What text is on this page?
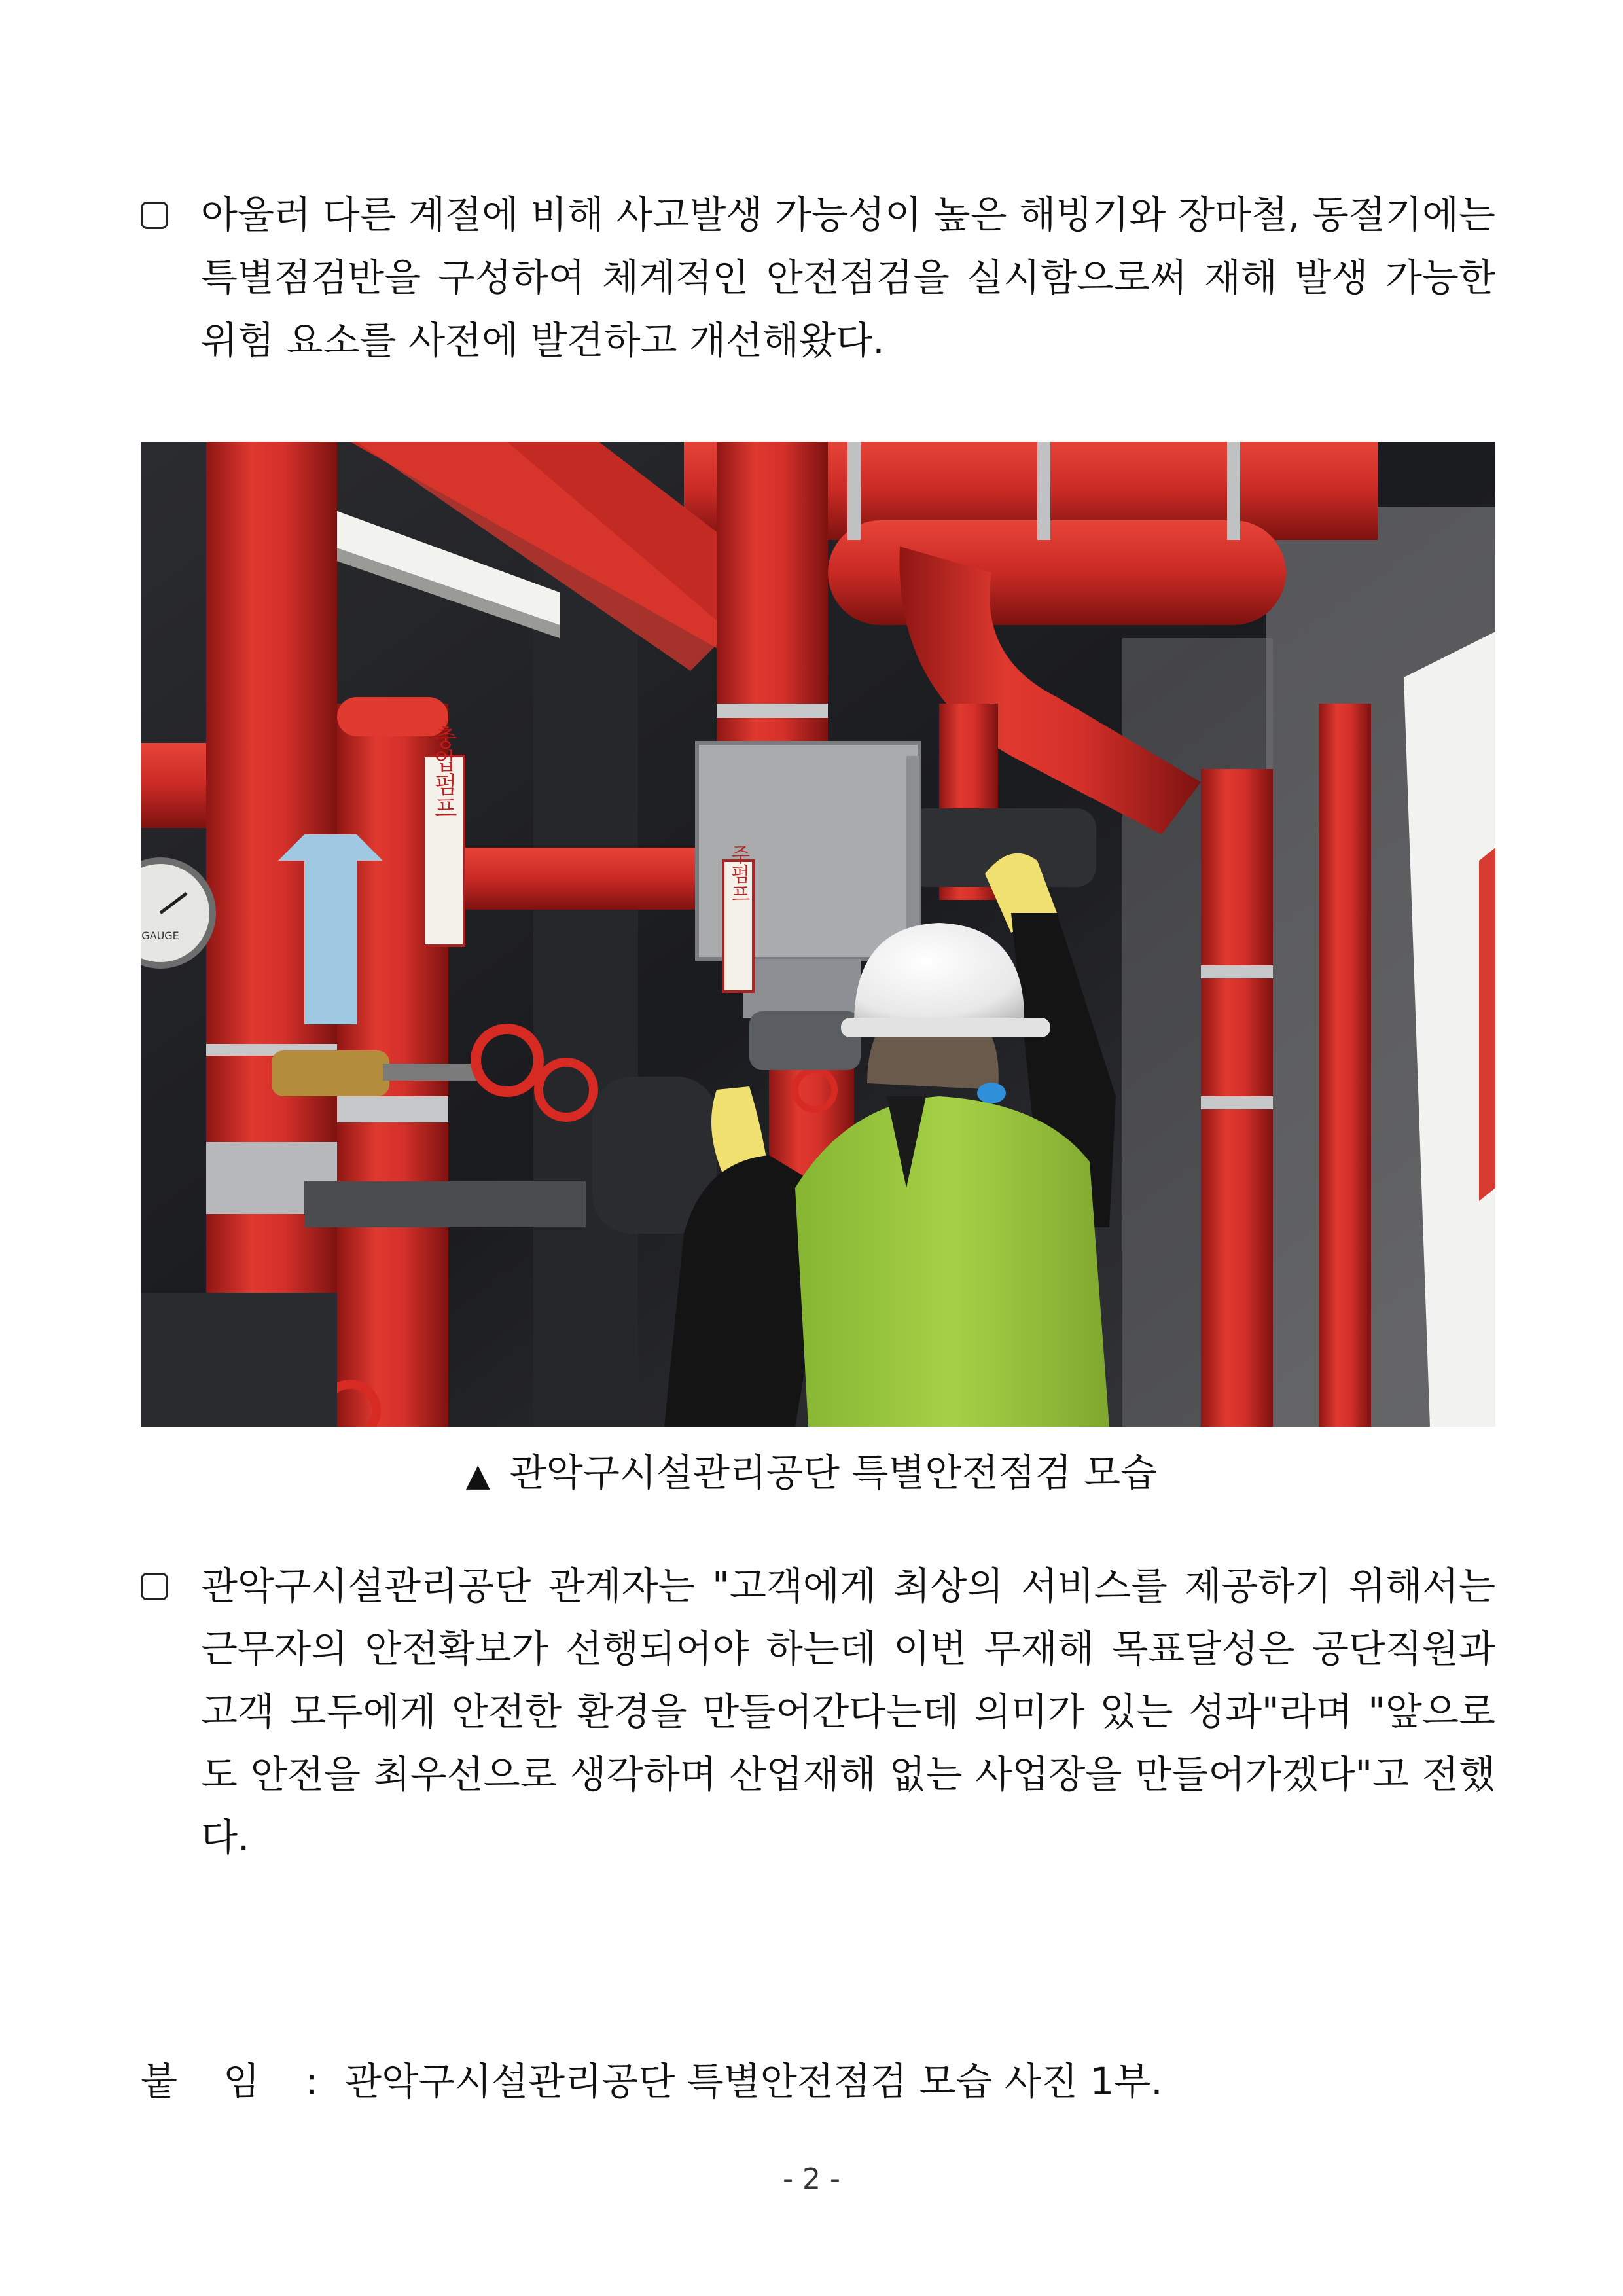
아울러 다른 계절에 비해 사고발생 가능성이 높은 해빙기와 장마철, 동절기에는 특별점검반을 구성하여 체계적인 안전점검을 실시함으로써 재해 발생 가능한 위험 요소를 사전에 발견하고 개선해왔다.
GAUGE
충압펌프
주펌프
▲ 관악구시설관리공단 특별안전점검 모습
관악구시설관리공단 관계자는 "고객에게 최상의 서비스를 제공하기 위해서는 근무자의 안전확보가 선행되어야 하는데 이번 무재해 목표달성은 공단직원과 고객 모두에게 안전한 환경을 만들어간다는데 의미가 있는 성과"라며 "앞으로도 안전을 최우선으로 생각하며 산업재해 없는 사업장을 만들어가겠다"고 전했다.
붙임: 관악구시설관리공단 특별안전점검 모습 사진 1부.
- 2 -
